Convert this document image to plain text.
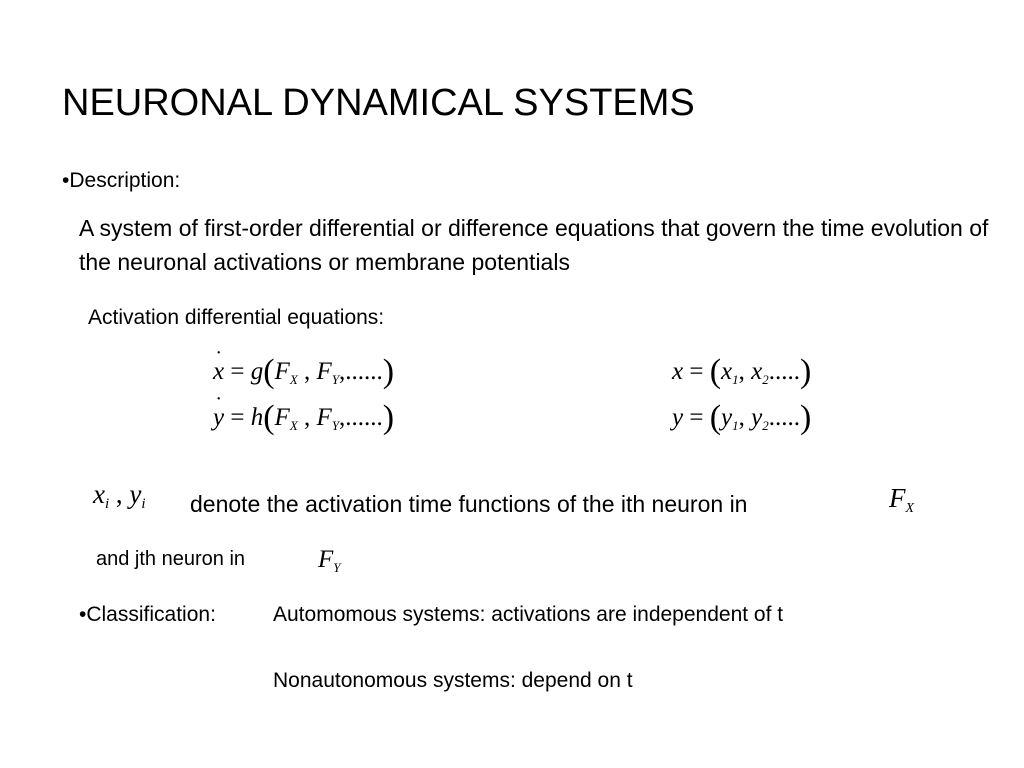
NEURONAL DYNAMICAL SYSTEMS
•Description:
A system of first-order differential or difference equations that govern the time evolution of the neuronal activations or membrane potentials
Activation differential equations:
˙ $x = g(F_X$ , $F_Y$,......)
˙ $y = h(F_X$ , $F_Y$,......)
$x = (x_1$, $x_2$.....)
$y = (y_1$, $y_2$.....)
$x_i$ , $y_i$ denote the activation time functions of the ith neuron in	$F_X$
and jth neuron in	$F_Y$
•Classification:	Automomous systems: activations are independent of t
Nonautonomous systems: depend on t
